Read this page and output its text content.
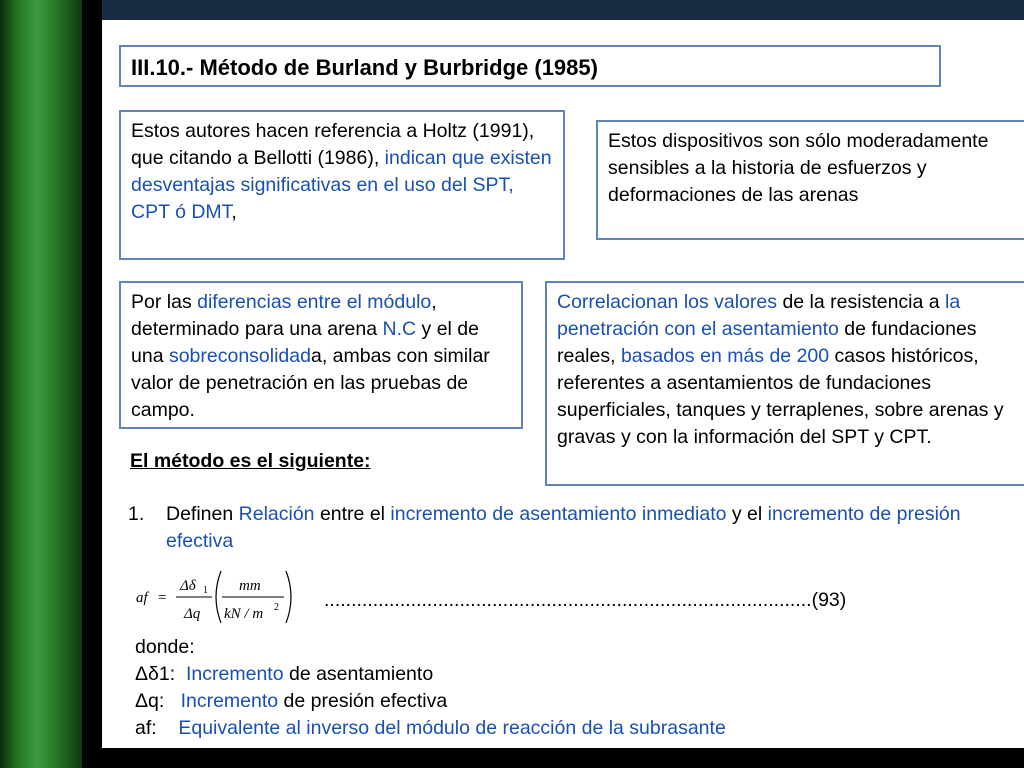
III.10.- Método de Burland y Burbridge (1985)
Estos autores hacen referencia a Holtz (1991), que citando a Bellotti (1986), indican que existen desventajas significativas en el uso del SPT, CPT ó DMT,
Estos dispositivos son sólo moderadamente sensibles a la historia de esfuerzos y deformaciones de las arenas
Por las diferencias entre el módulo, determinado para una arena N.C y el de una sobreconsolidada, ambas con similar valor de penetración en las pruebas de campo.
Correlacionan los valores de la resistencia a la penetración con el asentamiento de fundaciones reales, basados en más de 200 casos históricos, referentes a asentamientos de fundaciones superficiales, tanques y terraplenes, sobre arenas y gravas y con la información del SPT y CPT.
El método es el siguiente:
1. Definen Relación entre el incremento de asentamiento inmediato y el incremento de presión efectiva
af =
Δδ 1
Δq
mm
kN / m 2 ..........................................................................................(93)
donde:
Δδ1: Incremento de asentamiento
Δq: Incremento de presión efectiva
af: Equivalente al inverso del módulo de reacción de la subrasante
